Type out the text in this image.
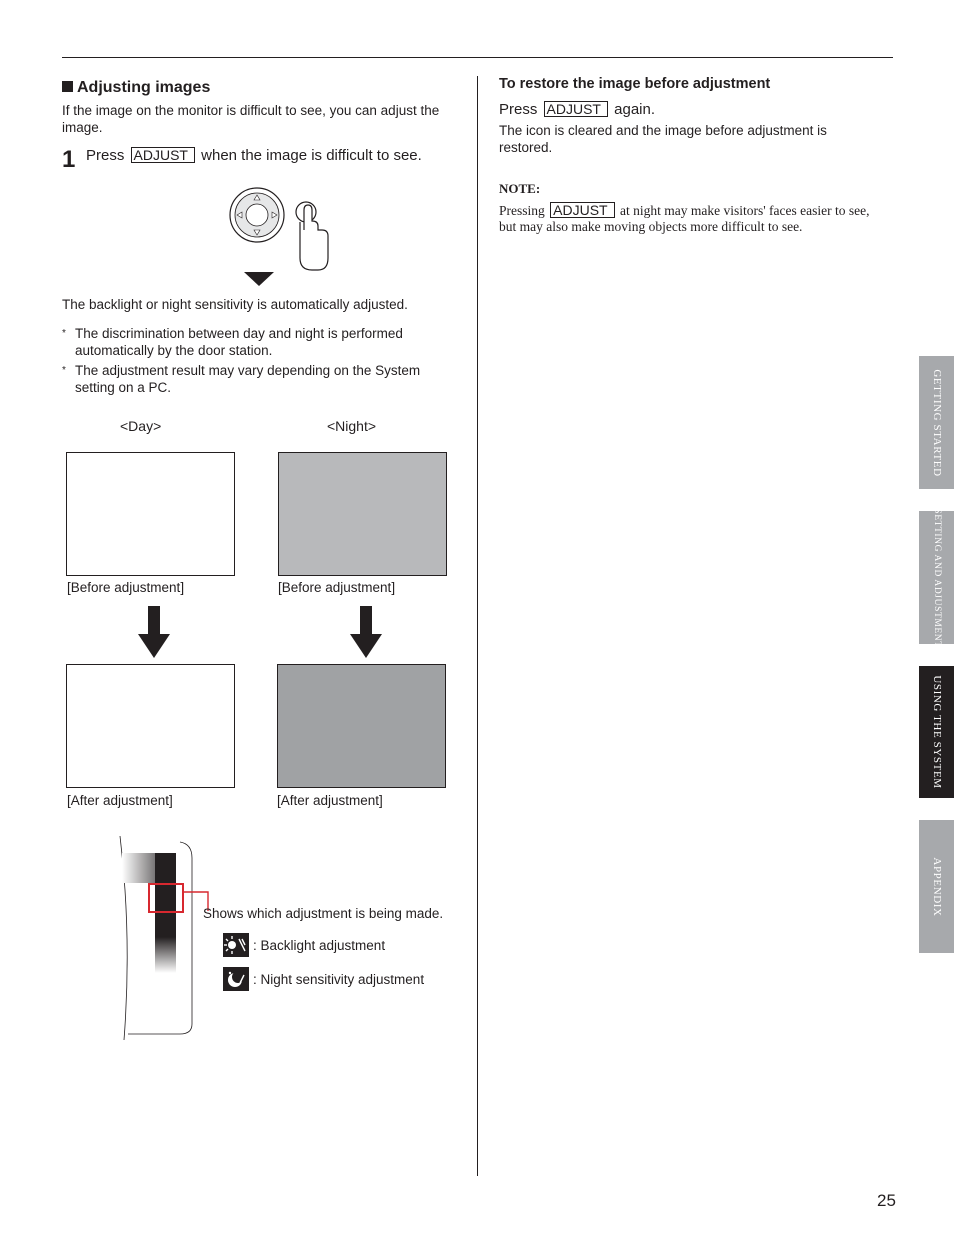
Adjusting images
If the image on the monitor is difficult to see, you can adjust the image.
1 Press ADJUST when the image is difficult to see.
The backlight or night sensitivity is automatically adjusted.
* The discrimination between day and night is performed automatically by the door station.
* The adjustment result may vary depending on the System setting on a PC.
<Day>	<Night>
[Before adjustment]	[Before adjustment]
[After adjustment]	[After adjustment]
Shows which adjustment is being made.
: Backlight adjustment
: Night sensitivity adjustment
To restore the image before adjustment
Press ADJUST again.
The icon is cleared and the image before adjustment is restored.
NOTE:
Pressing ADJUST at night may make visitors' faces easier to see, but may also make moving objects more difficult to see.
GETTING STARTED
SETTING AND ADJUSTMENT
USING THE SYSTEM
APPENDIX
25
